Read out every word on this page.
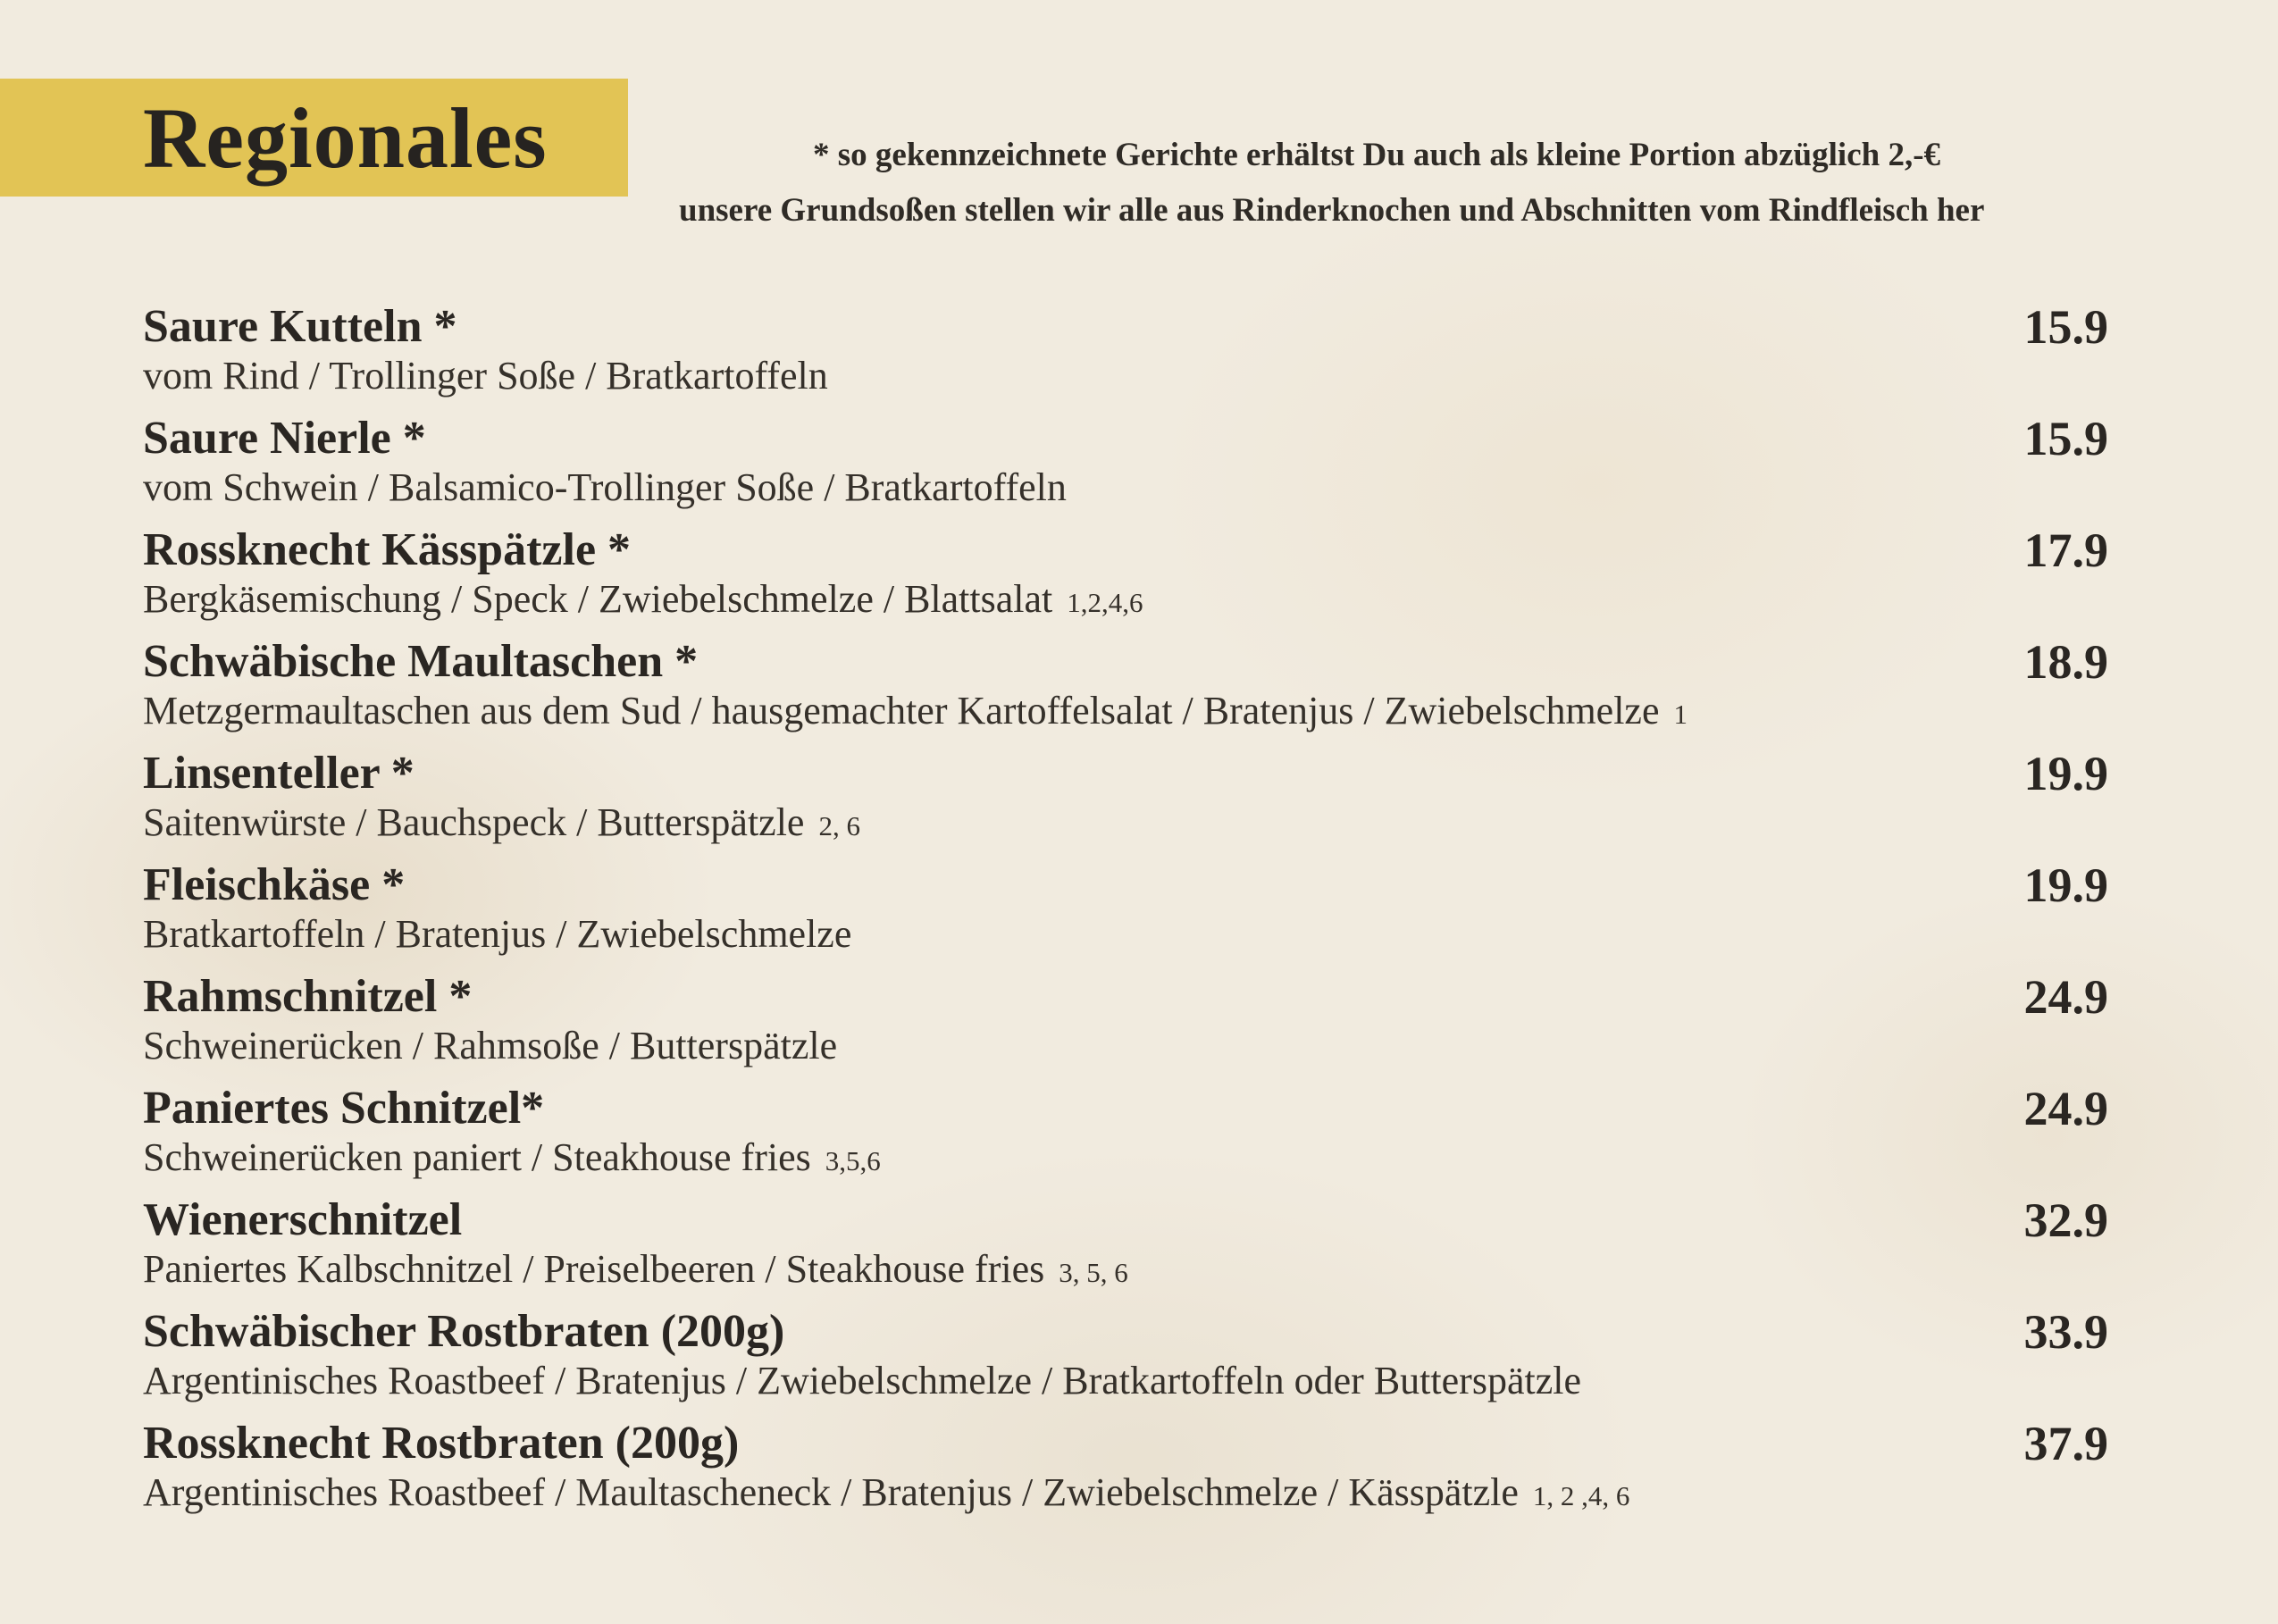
Regionales	* so gekennzeichnete Gerichte erhältst Du auch als kleine Portion abzüglich 2,-€
unsere Grundsoßen stellen wir alle aus Rinderknochen und Abschnitten vom Rindfleisch her
Saure Kutteln *
vom Rind / Trollinger Soße / Bratkartoffeln
15.9
Saure Nierle *
vom Schwein / Balsamico-Trollinger Soße / Bratkartoffeln
15.9
Rossknecht Kässpätzle *
Bergkäsemischung / Speck / Zwiebelschmelze / Blattsalat 1,2,4,6
17.9
Schwäbische Maultaschen *
Metzgermaultaschen aus dem Sud / hausgemachter Kartoffelsalat / Bratenjus / Zwiebelschmelze 1
18.9
Linsenteller *
Saitenwürste / Bauchspeck / Butterspätzle 2, 6
19.9
Fleischkäse *
Bratkartoffeln / Bratenjus / Zwiebelschmelze
19.9
Rahmschnitzel *
Schweinerücken / Rahmsoße / Butterspätzle
24.9
Paniertes Schnitzel*
Schweinerücken paniert / Steakhouse fries 3,5,6
24.9
Wienerschnitzel
Paniertes Kalbschnitzel / Preiselbeeren / Steakhouse fries 3, 5, 6
32.9
Schwäbischer Rostbraten (200g)
Argentinisches Roastbeef / Bratenjus / Zwiebelschmelze / Bratkartoffeln oder Butterspätzle
33.9
Rossknecht Rostbraten (200g)
Argentinisches Roastbeef / Maultascheneck / Bratenjus / Zwiebelschmelze / Kässpätzle 1, 2 ,4, 6
37.9
